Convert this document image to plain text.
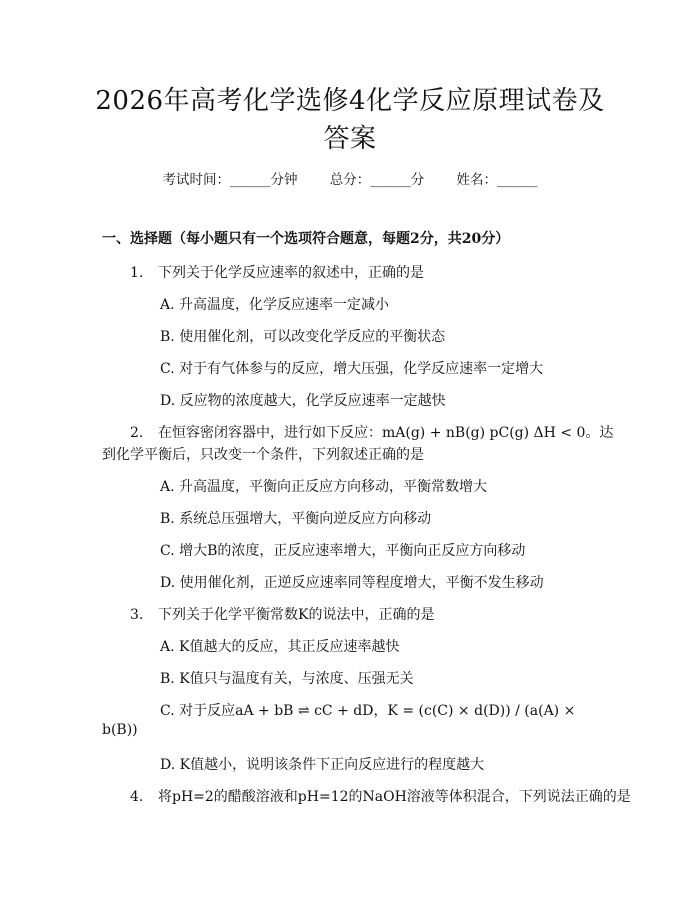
2026年高考化学选修4化学反应原理试卷及
答案
考试时间：______分钟 总分：______分 姓名：______
一、选择题（每小题只有一个选项符合题意，每题2分，共20分）
1. 下列关于化学反应速率的叙述中，正确的是
A. 升高温度，化学反应速率一定减小
B. 使用催化剂，可以改变化学反应的平衡状态
C. 对于有气体参与的反应，增大压强，化学反应速率一定增大
D. 反应物的浓度越大，化学反应速率一定越快
2. 在恒容密闭容器中，进行如下反应：mA(g) + nB(g) pC(g) ΔH < 0。达
到化学平衡后，只改变一个条件，下列叙述正确的是
A. 升高温度，平衡向正反应方向移动，平衡常数增大
B. 系统总压强增大，平衡向逆反应方向移动
C. 增大B的浓度，正反应速率增大，平衡向正反应方向移动
D. 使用催化剂，正逆反应速率同等程度增大，平衡不发生移动
3. 下列关于化学平衡常数K的说法中，正确的是
A. K值越大的反应，其正反应速率越快
B. K值只与温度有关，与浓度、压强无关
C. 对于反应aA + bB ⇌ cC + dD，K = (c(C) × d(D)) / (a(A) ×
b(B))
D. K值越小，说明该条件下正向反应进行的程度越大
4. 将pH=2的醋酸溶液和pH=12的NaOH溶液等体积混合，下列说法正确的是
